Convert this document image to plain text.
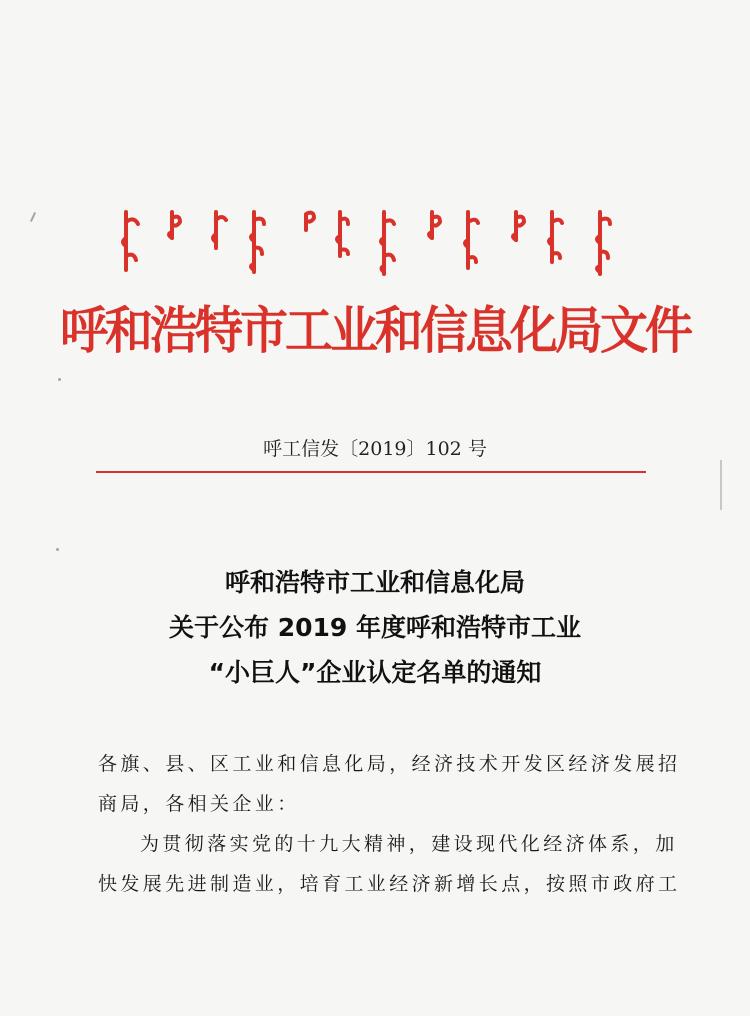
呼和浩特市工业和信息化局文件
呼工信发〔2019〕102 号
呼和浩特市工业和信息化局
关于公布 2019 年度呼和浩特市工业
“小巨人”企业认定名单的通知

各旗、县、区工业和信息化局，经济技术开发区经济发展招

商局，各相关企业：

为贯彻落实党的十九大精神，建设现代化经济体系，加

快发展先进制造业，培育工业经济新增长点，按照市政府工
